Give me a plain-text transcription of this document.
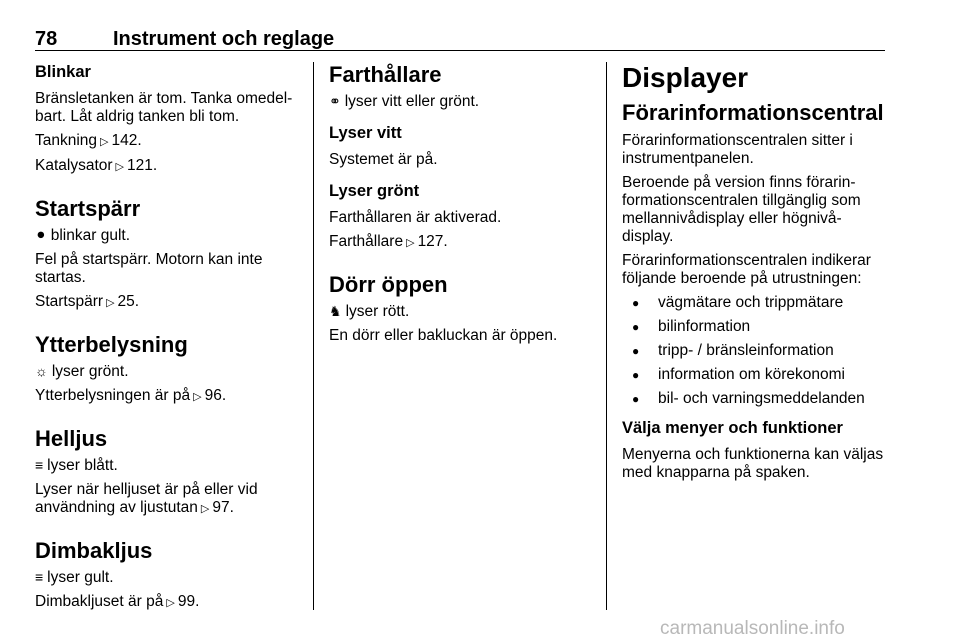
78	Instrument och reglage
Blinkar

Bränsletanken är tom. Tanka omedel-bart. Låt aldrig tanken bli tom.

Tankning ▷ 142.

Katalysator ▷ 121.

Startspärr

⚫ blinkar gult.

Fel på startspärr. Motorn kan inte startas.

Startspärr ▷ 25.

Ytterbelysning

☼ lyser grönt.

Ytterbelysningen är på ▷ 96.

Helljus

≡ lyser blått.

Lyser när helljuset är på eller vid användning av ljustutan ▷ 97.

Dimbakljus

≡ lyser gult.

Dimbakljuset är på ▷ 99.

Farthållare

⚭ lyser vitt eller grönt.

Lyser vitt

Systemet är på.

Lyser grönt

Farthållaren är aktiverad.

Farthållare ▷ 127.

Dörr öppen

♞ lyser rött.

En dörr eller bakluckan är öppen.

Displayer
Förarinformationscentral

Förarinformationscentralen sitter i instrumentpanelen.

Beroende på version finns förarin-formationscentralen tillgänglig som mellannivådisplay eller högnivå-display.

Förarinformationscentralen indikerar följande beroende på utrustningen:

● vägmätare och trippmätare
● bilinformation
● tripp- / bränsleinformation
● information om körekonomi
● bil- och varningsmeddelanden
Välja menyer och funktioner

Menyerna och funktionerna kan väljas med knapparna på spaken.

carmanualsonline.info
